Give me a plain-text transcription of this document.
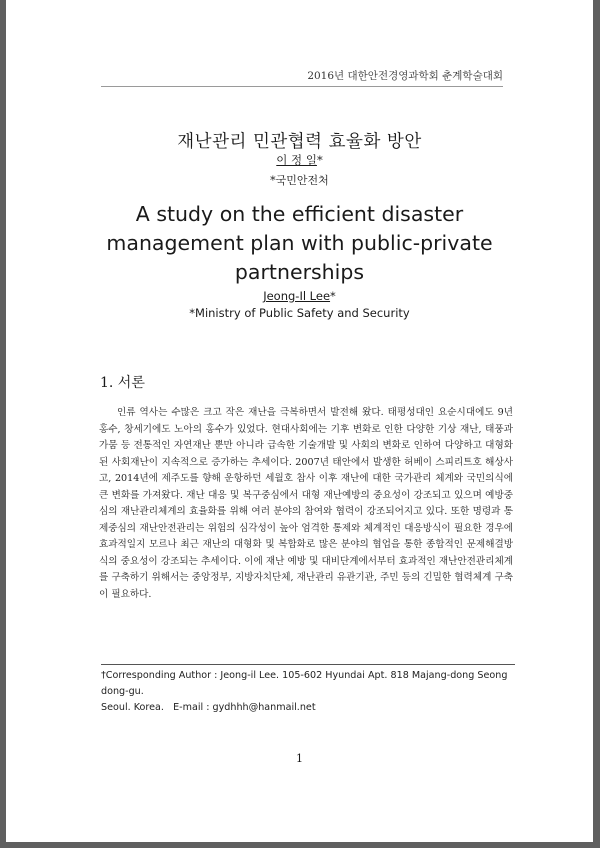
2016년 대한안전경영과학회 춘계학술대회
재난관리 민관협력 효율화 방안
이 정 일*
*국민안전처
A study on the efficient disaster management plan with public-private partnerships
Jeong-Il Lee*
*Ministry of Public Safety and Security
1. 서론

인류 역사는 수많은 크고 작은 재난을 극복하면서 발전해 왔다. 태평성대인 요순시대에도 9년 홍수, 창세기에도 노아의 홍수가 있었다. 현대사회에는 기후 변화로 인한 다양한 기상 재난, 태풍과 가뭄 등 전통적인 자연재난 뿐만 아니라 급속한 기술개발 및 사회의 변화로 인하여 다양하고 대형화된 사회재난이 지속적으로 증가하는 추세이다. 2007년 태안에서 발생한 허베이 스피리트호 해상사고, 2014년에 제주도를 향해 운항하던 세월호 참사 이후 재난에 대한 국가관리 체계와 국민의식에 큰 변화를 가져왔다. 재난 대응 및 복구중심에서 대형 재난예방의 중요성이 강조되고 있으며 예방중심의 재난관리체계의 효율화를 위해 여러 분야의 참여와 협력이 강조되어지고 있다. 또한 명령과 통제중심의 재난안전관리는 위험의 심각성이 높아 엄격한 통제와 체계적인 대응방식이 필요한 경우에 효과적일지 모르나 최근 재난의 대형화 및 복합화로 많은 분야의 협업을 통한 종합적인 문제해결방식의 중요성이 강조되는 추세이다. 이에 재난 예방 및 대비단계에서부터 효과적인 재난안전관리체계를 구축하기 위해서는 중앙정부, 지방자치단체, 재난관리 유관기관, 주민 등의 긴밀한 협력체계 구축이 필요하다.

†Corresponding Author : Jeong-il Lee. 105-602 Hyundai Apt. 818 Majang-dong Seong dong-gu.
Seoul. Korea.   E-mail : gydhhh@hanmail.net
1
